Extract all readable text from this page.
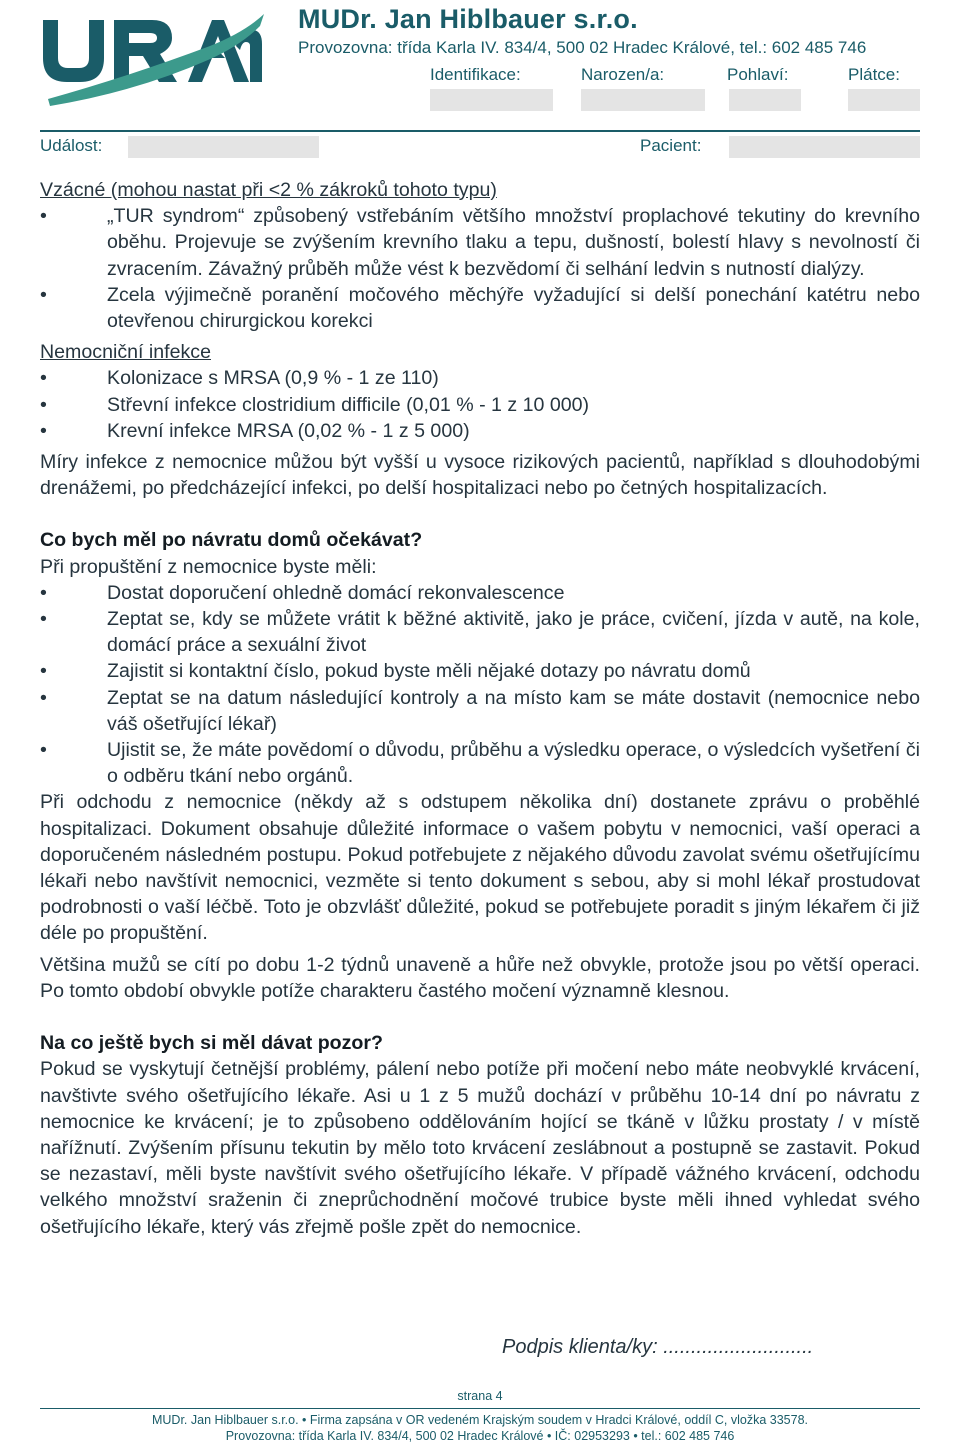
MUDr. Jan Hiblbauer s.r.o.
Provozovna: třída Karla IV. 834/4, 500 02 Hradec Králové, tel.: 602 485 746
Identifikace:	Narozen/a:	Pohlaví:	Plátce:
Událost:	Pacient:
Vzácné (mohou nastat při <2 % zákroků tohoto typu)
•	„TUR syndrom“ způsobený vstřebáním většího množství proplachové tekutiny do krevního oběhu. Projevuje se zvýšením krevního tlaku a tepu, dušností, bolestí hlavy s nevolností či zvracením. Závažný průběh může vést k bezvědomí či selhání ledvin s nutností dialýzy.
•	Zcela výjimečně poranění močového měchýře vyžadující si delší ponechání katétru nebo otevřenou chirurgickou korekci
Nemocniční infekce
•	Kolonizace s MRSA (0,9 % - 1 ze 110)
•	Střevní infekce clostridium difficile (0,01 % - 1 z 10 000)
•	Krevní infekce MRSA (0,02 % - 1 z 5 000)

Míry infekce z nemocnice můžou být vyšší u vysoce rizikových pacientů, například s dlouhodobými drenážemi, po předcházející infekci, po delší hospitalizaci nebo po četných hospitalizacích.

Co bych měl po návratu domů očekávat?

Při propuštění z nemocnice byste měli:

•	Dostat doporučení ohledně domácí rekonvalescence
•	Zeptat se, kdy se můžete vrátit k běžné aktivitě, jako je práce, cvičení, jízda v autě, na kole, domácí práce a sexuální život
•	Zajistit si kontaktní číslo, pokud byste měli nějaké dotazy po návratu domů
•	Zeptat se na datum následující kontroly a na místo kam se máte dostavit (nemocnice nebo váš ošetřující lékař)
•	Ujistit se, že máte povědomí o důvodu, průběhu a výsledku operace, o výsledcích vyšetření či o odběru tkání nebo orgánů.

Při odchodu z nemocnice (někdy až s odstupem několika dní) dostanete zprávu o proběhlé hospitalizaci. Dokument obsahuje důležité informace o vašem pobytu v nemocnici, vaší operaci a doporučeném následném postupu. Pokud potřebujete z nějakého důvodu zavolat svému ošetřujícímu lékaři nebo navštívit nemocnici, vezměte si tento dokument s sebou, aby si mohl lékař prostudovat podrobnosti o vaší léčbě. Toto je obzvlášť důležité, pokud se potřebujete poradit s jiným lékařem či již déle po propuštění.

Většina mužů se cítí po dobu 1-2 týdnů unaveně a hůře než obvykle, protože jsou po větší operaci. Po tomto období obvykle potíže charakteru častého močení významně klesnou.

Na co ještě bych si měl dávat pozor?

Pokud se vyskytují četnější problémy, pálení nebo potíže při močení nebo máte neobvyklé krvácení, navštivte svého ošetřujícího lékaře. Asi u 1 z 5 mužů dochází v průběhu 10-14 dní po návratu z nemocnice ke krvácení; je to způsobeno oddělováním hojící se tkáně v lůžku prostaty / v místě nařížnutí. Zvýšením přísunu tekutin by mělo toto krvácení zeslábnout a postupně se zastavit. Pokud se nezastaví, měli byste navštívit svého ošetřujícího lékaře. V případě vážného krvácení, odchodu velkého množství sraženin či zneprůchodnění močové trubice byste měli ihned vyhledat svého ošetřujícího lékaře, který vás zřejmě pošle zpět do nemocnice.

Podpis klienta/ky: ...........................
strana 4
MUDr. Jan Hiblbauer s.r.o. • Firma zapsána v OR vedeném Krajským soudem v Hradci Králové, oddíl C, vložka 33578.
Provozovna: třída Karla IV. 834/4, 500 02 Hradec Králové • IČ: 02953293 • tel.: 602 485 746
